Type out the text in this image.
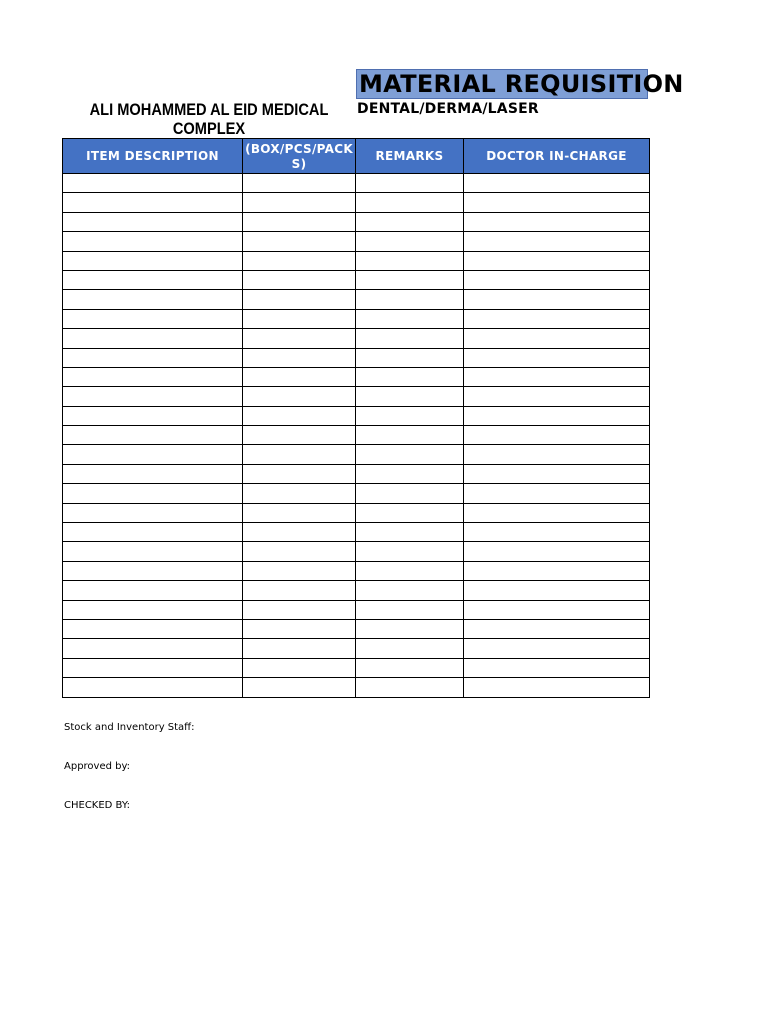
MATERIAL REQUISITION
ALI MOHAMMED AL EID MEDICAL COMPLEX
DENTAL/DERMA/LASER
ITEM DESCRIPTION	(BOX/PCS/PACKS)	REMARKS	DOCTOR IN-CHARGE

Stock and Inventory Staff:
Approved by:
CHECKED BY:
